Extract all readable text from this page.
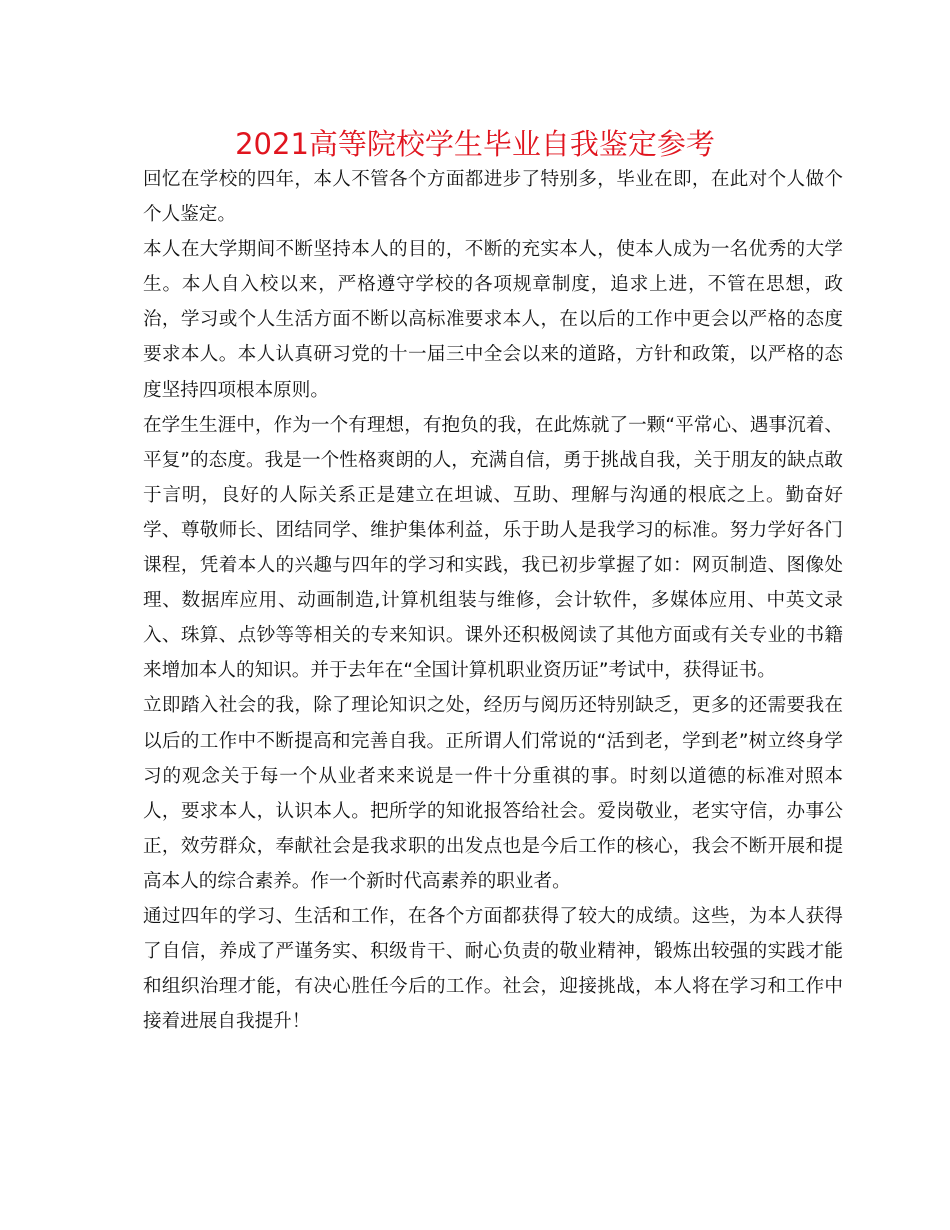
2021高等院校学生毕业自我鉴定参考

回忆在学校的四年，本人不管各个方面都进步了特别多，毕业在即，在此对个人做个个人鉴定。

本人在大学期间不断坚持本人的目的，不断的充实本人，使本人成为一名优秀的大学生。本人自入校以来，严格遵守学校的各项规章制度，追求上进，不管在思想，政治，学习或个人生活方面不断以高标准要求本人，在以后的工作中更会以严格的态度要求本人。本人认真研习党的十一届三中全会以来的道路，方针和政策，以严格的态度坚持四项根本原则。

在学生生涯中，作为一个有理想，有抱负的我，在此炼就了一颗“平常心、遇事沉着、平复”的态度。我是一个性格爽朗的人，充满自信，勇于挑战自我，关于朋友的缺点敢于言明，良好的人际关系正是建立在坦诚、互助、理解与沟通的根底之上。勤奋好学、尊敬师长、团结同学、维护集体利益，乐于助人是我学习的标准。努力学好各门课程，凭着本人的兴趣与四年的学习和实践，我已初步掌握了如：网页制造、图像处理、数据库应用、动画制造,计算机组装与维修，会计软件，多媒体应用、中英文录入、珠算、点钞等等相关的专来知识。课外还积极阅读了其他方面或有关专业的书籍来增加本人的知识。并于去年在“全国计算机职业资历证”考试中，获得证书。

立即踏入社会的我，除了理论知识之处，经历与阅历还特别缺乏，更多的还需要我在以后的工作中不断提高和完善自我。正所谓人们常说的“活到老，学到老”树立终身学习的观念关于每一个从业者来来说是一件十分重祺的事。时刻以道德的标准对照本人，要求本人，认识本人。把所学的知讹报答给社会。爱岗敬业，老实守信，办事公正，效劳群众，奉献社会是我求职的出发点也是今后工作的核心，我会不断开展和提高本人的综合素养。作一个新时代高素养的职业者。

通过四年的学习、生活和工作，在各个方面都获得了较大的成绩。这些，为本人获得了自信，养成了严谨务实、积级肯干、耐心负责的敬业精神，锻炼出较强的实践才能和组织治理才能，有决心胜任今后的工作。社会，迎接挑战，本人将在学习和工作中接着进展自我提升！
